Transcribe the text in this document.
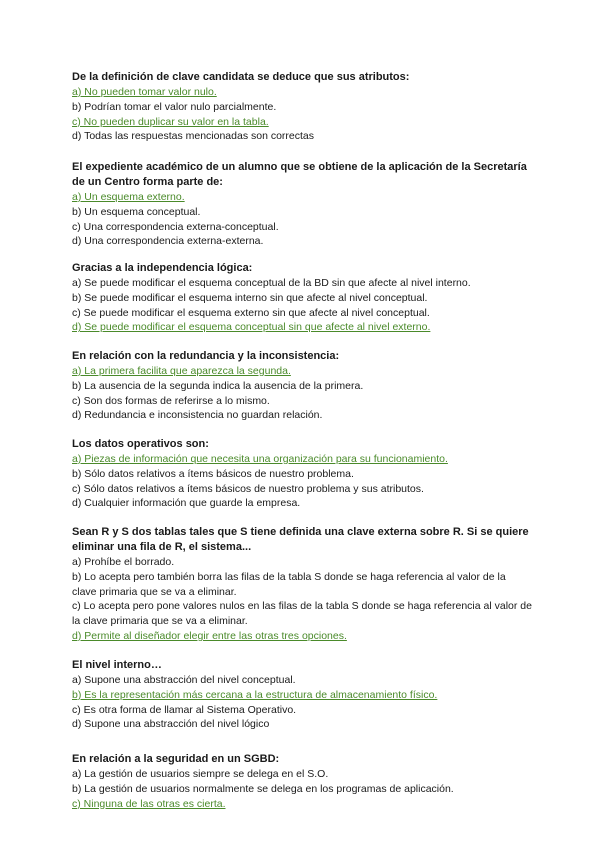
De la definición de clave candidata se deduce que sus atributos:

a) No pueden tomar valor nulo.

b) Podrían tomar el valor nulo parcialmente.

c) No pueden duplicar su valor en la tabla.

d) Todas las respuestas mencionadas son correctas

El expediente académico de un alumno que se obtiene de la aplicación de la Secretaría de un Centro forma parte de:

a) Un esquema externo.

b) Un esquema conceptual.

c) Una correspondencia externa-conceptual.

d) Una correspondencia externa-externa.

Gracias a la independencia lógica:

a) Se puede modificar el esquema conceptual de la BD sin que afecte al nivel interno.

b) Se puede modificar el esquema interno sin que afecte al nivel conceptual.

c) Se puede modificar el esquema externo sin que afecte al nivel conceptual.

d) Se puede modificar el esquema conceptual sin que afecte al nivel externo.

En relación con la redundancia y la inconsistencia:

a) La primera facilita que aparezca la segunda.

b) La ausencia de la segunda indica la ausencia de la primera.

c) Son dos formas de referirse a lo mismo.

d) Redundancia e inconsistencia no guardan relación.

Los datos operativos son:

a) Piezas de información que necesita una organización para su funcionamiento.

b) Sólo datos relativos a ítems básicos de nuestro problema.

c) Sólo datos relativos a ítems básicos de nuestro problema y sus atributos.

d) Cualquier información que guarde la empresa.

Sean R y S dos tablas tales que S tiene definida una clave externa sobre R. Si se quiere eliminar una fila de R, el sistema...

a) Prohíbe el borrado.

b) Lo acepta pero también borra las filas de la tabla S donde se haga referencia al valor de la clave primaria que se va a eliminar.

c) Lo acepta pero pone valores nulos en las filas de la tabla S donde se haga referencia al valor de la clave primaria que se va a eliminar.

d) Permite al diseñador elegir entre las otras tres opciones.

El nivel interno…

a) Supone una abstracción del nivel conceptual.

b) Es la representación más cercana a la estructura de almacenamiento físico.

c) Es otra forma de llamar al Sistema Operativo.

d) Supone una abstracción del nivel lógico

En relación a la seguridad en un SGBD:

a) La gestión de usuarios siempre se delega en el S.O.

b) La gestión de usuarios normalmente se delega en los programas de aplicación.

c) Ninguna de las otras es cierta.
